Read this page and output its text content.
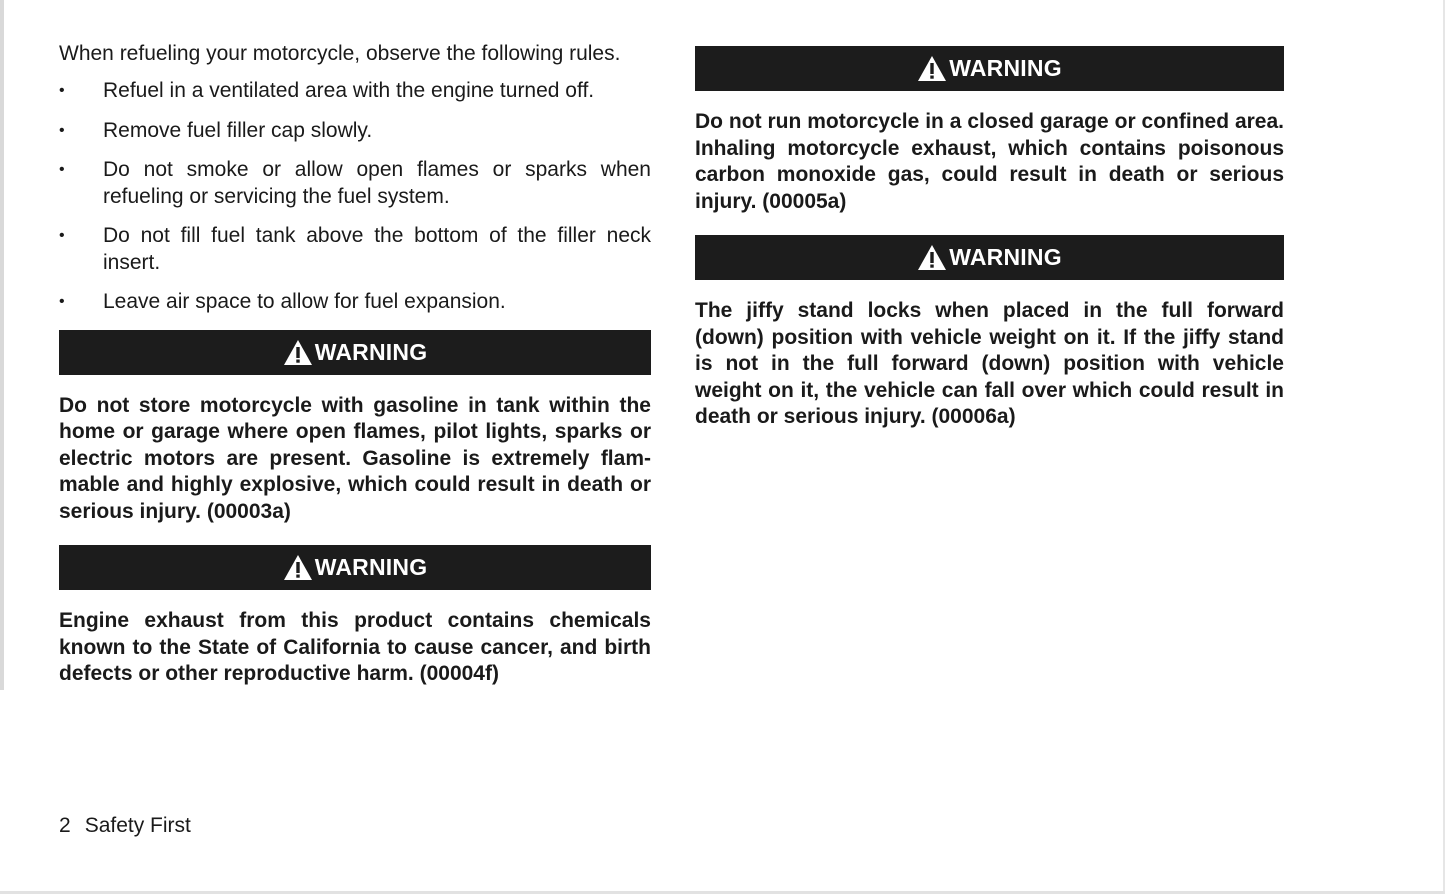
When refueling your motorcycle, observe the following rules.

• Refuel in a ventilated area with the engine turned off.
• Remove fuel filler cap slowly.
• Do not smoke or allow open flames or sparks when refueling or servicing the fuel system.
• Do not fill fuel tank above the bottom of the filler neck insert.
• Leave air space to allow for fuel expansion.
WARNING

Do not store motorcycle with gasoline in tank within the home or garage where open flames, pilot lights, sparks or electric motors are present. Gasoline is extremely flammable and highly explosive, which could result in death or serious injury. (00003a)

WARNING

Engine exhaust from this product contains chemicals known to the State of California to cause cancer, and birth defects or other reproductive harm. (00004f)

WARNING

Do not run motorcycle in a closed garage or confined area. Inhaling motorcycle exhaust, which contains poisonous carbon monoxide gas, could result in death or serious injury. (00005a)

WARNING

The jiffy stand locks when placed in the full forward (down) position with vehicle weight on it. If the jiffy stand is not in the full forward (down) position with vehicle weight on it, the vehicle can fall over which could result in death or serious injury. (00006a)

2 Safety First
